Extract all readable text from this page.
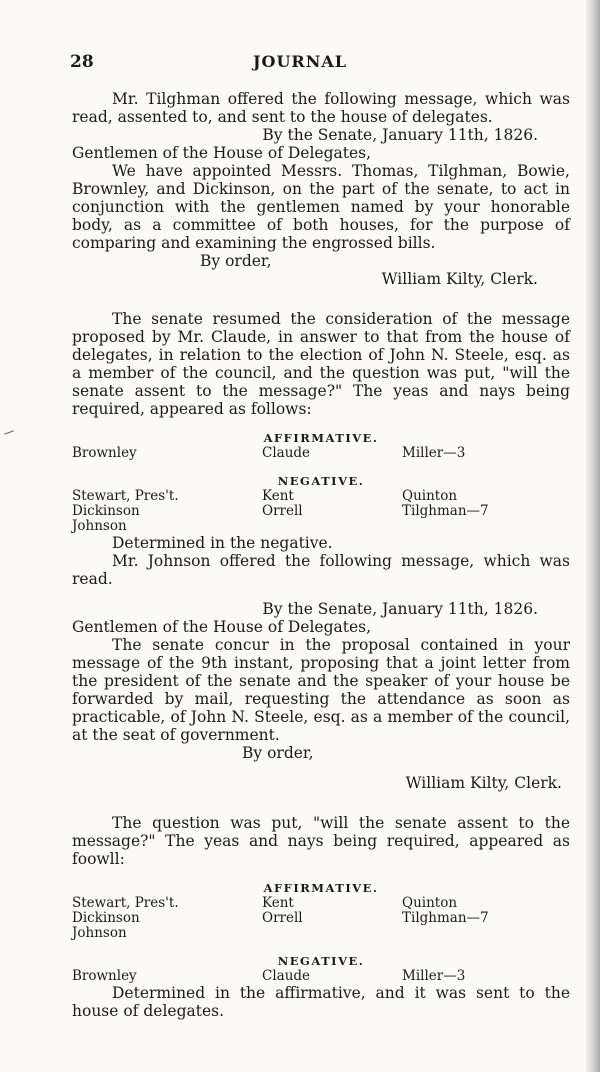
28	JOURNAL

Mr. Tilghman offered the following message, which was read, assented to, and sent to the house of delegates.

By the Senate, January 11th, 1826.

Gentlemen of the House of Delegates,

We have appointed Messrs. Thomas, Tilghman, Bowie, Brownley, and Dickinson, on the part of the senate, to act in conjunction with the gentlemen named by your honorable body, as a committee of both houses, for the purpose of comparing and examining the engrossed bills.

By order,

William Kilty, Clerk.

The senate resumed the consideration of the message proposed by Mr. Claude, in answer to that from the house of delegates, in relation to the election of John N. Steele, esq. as a member of the council, and the question was put, "will the senate assent to the message?" The yeas and nays being required, appeared as follows:

AFFIRMATIVE.
Brownley	Claude	Miller—3
NEGATIVE.
Stewart, Pres't.	Kent	Quinton
Dickinson	Orrell	Tilghman—7
Johnson

Determined in the negative.

Mr. Johnson offered the following message, which was read.

By the Senate, January 11th, 1826.

Gentlemen of the House of Delegates,

The senate concur in the proposal contained in your message of the 9th instant, proposing that a joint letter from the president of the senate and the speaker of your house be forwarded by mail, requesting the attendance as soon as practicable, of John N. Steele, esq. as a member of the council, at the seat of government.

By order,

William Kilty, Clerk.

The question was put, "will the senate assent to the message?" The yeas and nays being required, appeared as foowll:

AFFIRMATIVE.
Stewart, Pres't.	Kent	Quinton
Dickinson	Orrell	Tilghman—7
Johnson
NEGATIVE.
Brownley	Claude	Miller—3

Determined in the affirmative, and it was sent to the house of delegates.
